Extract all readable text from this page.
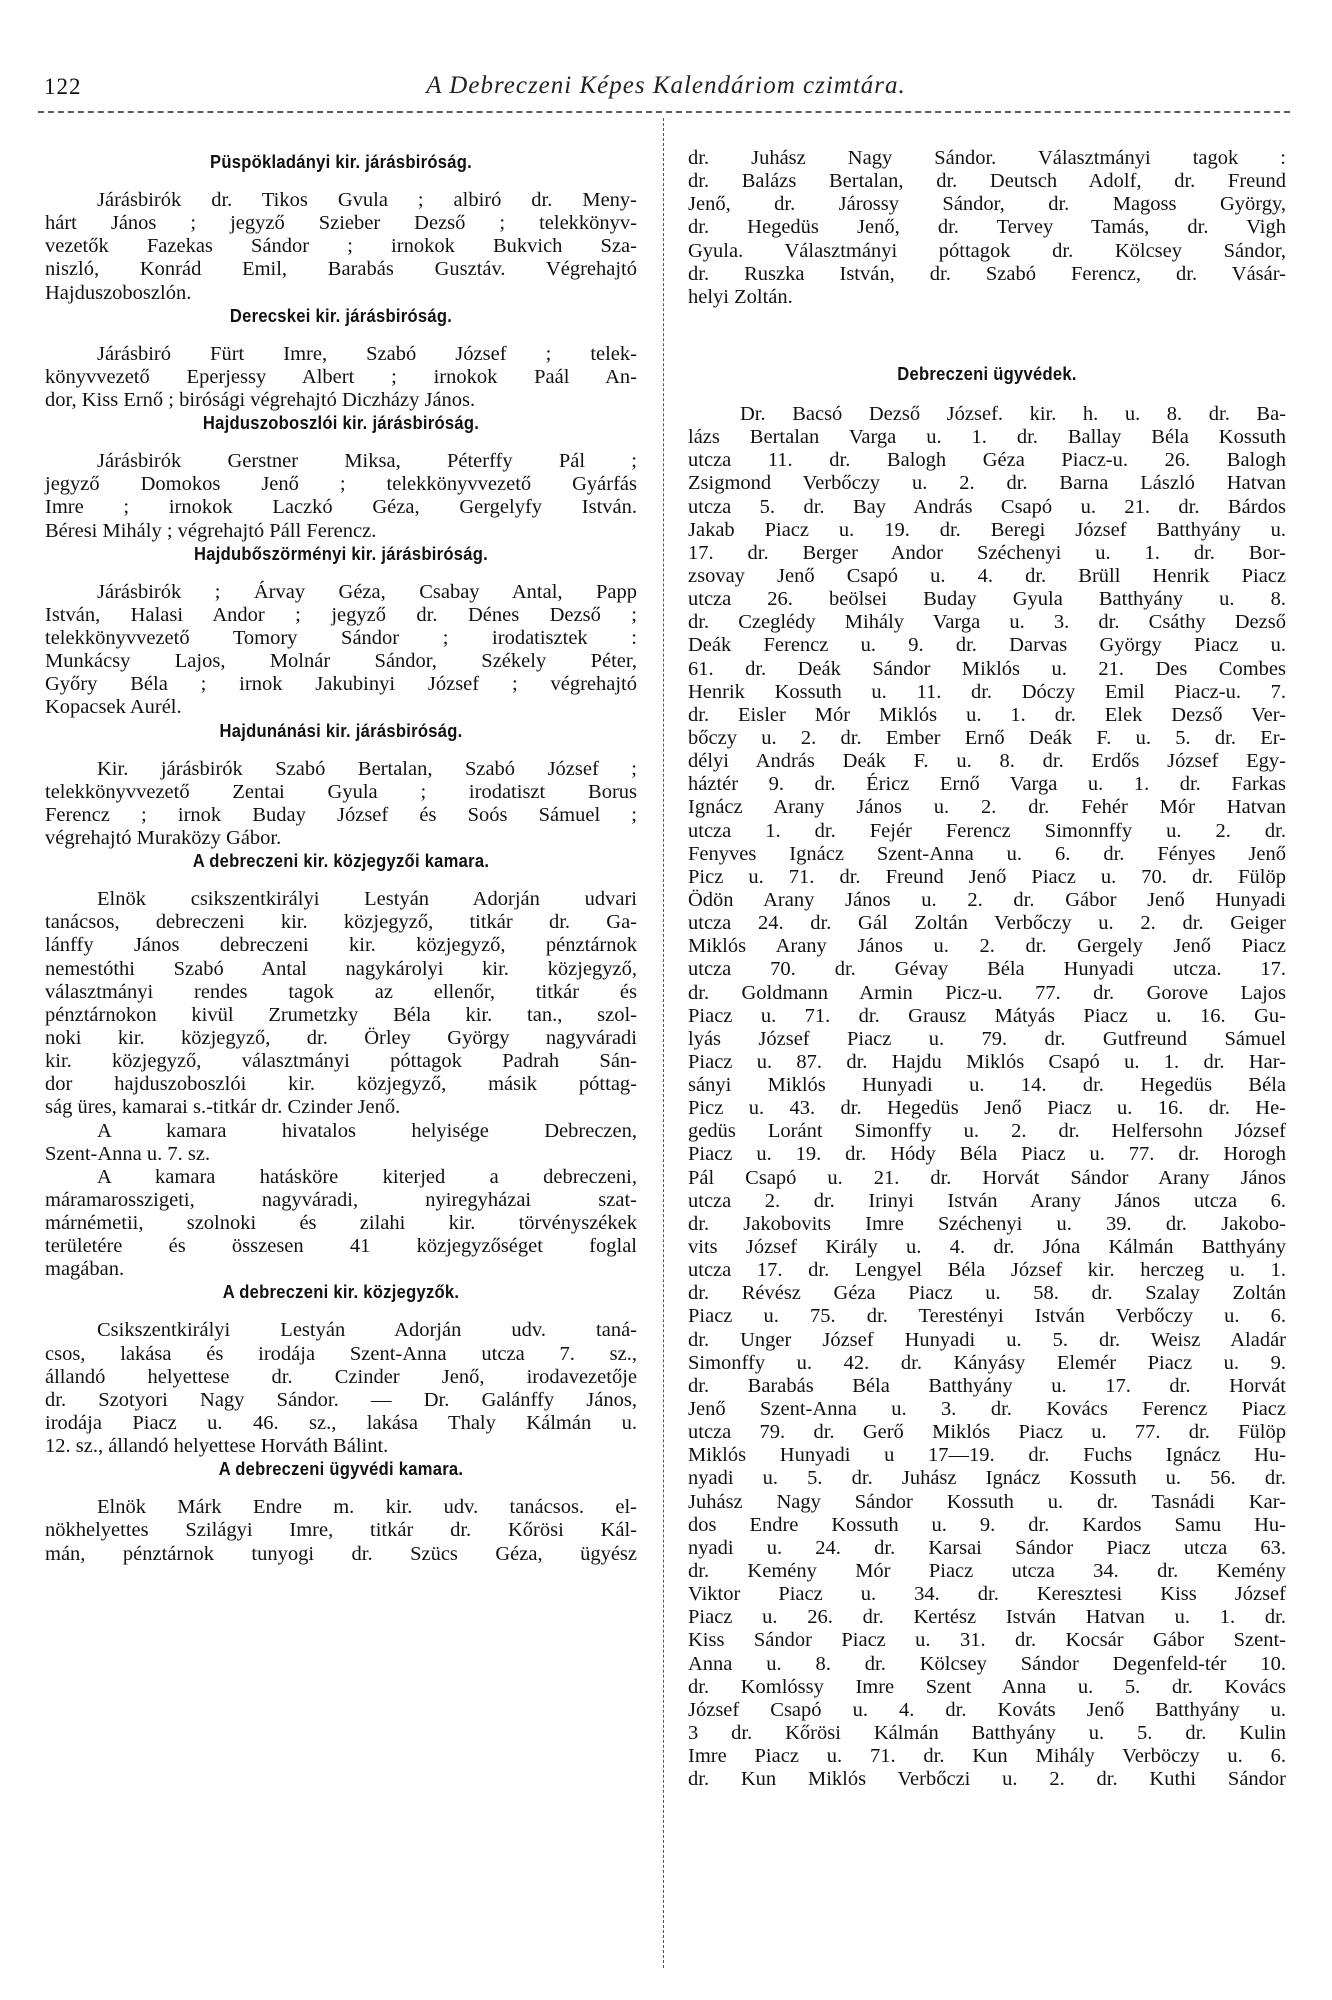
122	A Debreczeni Képes Kalendáriom czimtára.
Püspökladányi kir. járásbiróság.
Járásbirók dr. Tikos Gvula ; albiró dr. Meny-
hárt János ; jegyző Szieber Dezső ; telekkönyv-
vezetők Fazekas Sándor ; irnokok Bukvich Sza-
niszló, Konrád Emil, Barabás Gusztáv. Végrehajtó
Hajduszoboszlón.
Derecskei kir. járásbiróság.
Járásbiró Fürt Imre, Szabó József ; telek-
könyvvezető Eperjessy Albert ; irnokok Paál An-
dor, Kiss Ernő ; birósági végrehajtó Diczházy János.
Hajduszoboszlói kir. járásbiróság.
Járásbirók Gerstner Miksa, Péterffy Pál ;
jegyző Domokos Jenő ; telekkönyvvezető Gyárfás
Imre ; irnokok Laczkó Géza, Gergelyfy István.
Béresi Mihály ; végrehajtó Páll Ferencz.
Hajdubőszörményi kir. járásbiróság.
Járásbirók ; Árvay Géza, Csabay Antal, Papp
István, Halasi Andor ; jegyző dr. Dénes Dezső ;
telekkönyvvezető Tomory Sándor ; irodatisztek :
Munkácsy Lajos, Molnár Sándor, Székely Péter,
Győry Béla ; irnok Jakubinyi József ; végrehajtó
Kopacsek Aurél.
Hajdunánási kir. járásbiróság.
Kir. járásbirók Szabó Bertalan, Szabó József ;
telekkönyvvezető Zentai Gyula ; irodatiszt Borus
Ferencz ; irnok Buday József és Soós Sámuel ;
végrehajtó Muraközy Gábor.
A debreczeni kir. közjegyzői kamara.
Elnök csikszentkirályi Lestyán Adorján udvari
tanácsos, debreczeni kir. közjegyző, titkár dr. Ga-
lánffy János debreczeni kir. közjegyző, pénztárnok
nemestóthi Szabó Antal nagykárolyi kir. közjegyző,
választmányi rendes tagok az ellenőr, titkár és
pénztárnokon kivül Zrumetzky Béla kir. tan., szol-
noki kir. közjegyző, dr. Örley György nagyváradi
kir. közjegyző, választmányi póttagok Padrah Sán-
dor hajduszoboszlói kir. közjegyző, másik póttag-
ság üres, kamarai s.-titkár dr. Czinder Jenő.
A kamara hivatalos helyisége Debreczen,
Szent-Anna u. 7. sz.
A kamara hatásköre kiterjed a debreczeni,
máramarosszigeti, nagyváradi, nyiregyházai szat-
márnémetii, szolnoki és zilahi kir. törvényszékek
területére és összesen 41 közjegyzőséget foglal
magában.
A debreczeni kir. közjegyzők.
Csikszentkirályi Lestyán Adorján udv. taná-
csos, lakása és irodája Szent-Anna utcza 7. sz.,
állandó helyettese dr. Czinder Jenő, irodavezetője
dr. Szotyori Nagy Sándor. — Dr. Galánffy János,
irodája Piacz u. 46. sz., lakása Thaly Kálmán u.
12. sz., állandó helyettese Horváth Bálint.
A debreczeni ügyvédi kamara.
Elnök Márk Endre m. kir. udv. tanácsos. el-
nökhelyettes Szilágyi Imre, titkár dr. Kőrösi Kál-
mán, pénztárnok tunyogi dr. Szücs Géza, ügyész
dr. Juhász Nagy Sándor. Választmányi tagok :
dr. Balázs Bertalan, dr. Deutsch Adolf, dr. Freund
Jenő, dr. Járossy Sándor, dr. Magoss György,
dr. Hegedüs Jenő, dr. Tervey Tamás, dr. Vigh
Gyula. Választmányi póttagok dr. Kölcsey Sándor,
dr. Ruszka István, dr. Szabó Ferencz, dr. Vásár-
helyi Zoltán.
Debreczeni ügyvédek.
Dr. Bacsó Dezső József. kir. h. u. 8. dr. Ba-
lázs Bertalan Varga u. 1. dr. Ballay Béla Kossuth
utcza 11. dr. Balogh Géza Piacz-u. 26. Balogh
Zsigmond Verbőczy u. 2. dr. Barna László Hatvan
utcza 5. dr. Bay András Csapó u. 21. dr. Bárdos
Jakab Piacz u. 19. dr. Beregi József Batthyány u.
17. dr. Berger Andor Széchenyi u. 1. dr. Bor-
zsovay Jenő Csapó u. 4. dr. Brüll Henrik Piacz
utcza 26. beölsei Buday Gyula Batthyány u. 8.
dr. Czeglédy Mihály Varga u. 3. dr. Csáthy Dezső
Deák Ferencz u. 9. dr. Darvas György Piacz u.
61. dr. Deák Sándor Miklós u. 21. Des Combes
Henrik Kossuth u. 11. dr. Dóczy Emil Piacz-u. 7.
dr. Eisler Mór Miklós u. 1. dr. Elek Dezső Ver-
bőczy u. 2. dr. Ember Ernő Deák F. u. 5. dr. Er-
délyi András Deák F. u. 8. dr. Erdős József Egy-
háztér 9. dr. Éricz Ernő Varga u. 1. dr. Farkas
Ignácz Arany János u. 2. dr. Fehér Mór Hatvan
utcza 1. dr. Fejér Ferencz Simonnffy u. 2. dr.
Fenyves Ignácz Szent-Anna u. 6. dr. Fényes Jenő
Picz u. 71. dr. Freund Jenő Piacz u. 70. dr. Fülöp
Ödön Arany János u. 2. dr. Gábor Jenő Hunyadi
utcza 24. dr. Gál Zoltán Verbőczy u. 2. dr. Geiger
Miklós Arany János u. 2. dr. Gergely Jenő Piacz
utcza 70. dr. Gévay Béla Hunyadi utcza. 17.
dr. Goldmann Armin Picz-u. 77. dr. Gorove Lajos
Piacz u. 71. dr. Grausz Mátyás Piacz u. 16. Gu-
lyás József Piacz u. 79. dr. Gutfreund Sámuel
Piacz u. 87. dr. Hajdu Miklós Csapó u. 1. dr. Har-
sányi Miklós Hunyadi u. 14. dr. Hegedüs Béla
Picz u. 43. dr. Hegedüs Jenő Piacz u. 16. dr. He-
gedüs Loránt Simonffy u. 2. dr. Helfersohn József
Piacz u. 19. dr. Hódy Béla Piacz u. 77. dr. Horogh
Pál Csapó u. 21. dr. Horvát Sándor Arany János
utcza 2. dr. Irinyi István Arany János utcza 6.
dr. Jakobovits Imre Széchenyi u. 39. dr. Jakobo-
vits József Király u. 4. dr. Jóna Kálmán Batthyány
utcza 17. dr. Lengyel Béla József kir. herczeg u. 1.
dr. Révész Géza Piacz u. 58. dr. Szalay Zoltán
Piacz u. 75. dr. Terestényi István Verbőczy u. 6.
dr. Unger József Hunyadi u. 5. dr. Weisz Aladár
Simonffy u. 42. dr. Kányásy Elemér Piacz u. 9.
dr. Barabás Béla Batthyány u. 17. dr. Horvát
Jenő Szent-Anna u. 3. dr. Kovács Ferencz Piacz
utcza 79. dr. Gerő Miklós Piacz u. 77. dr. Fülöp
Miklós Hunyadi u 17—19. dr. Fuchs Ignácz Hu-
nyadi u. 5. dr. Juhász Ignácz Kossuth u. 56. dr.
Juhász Nagy Sándor Kossuth u. dr. Tasnádi Kar-
dos Endre Kossuth u. 9. dr. Kardos Samu Hu-
nyadi u. 24. dr. Karsai Sándor Piacz utcza 63.
dr. Kemény Mór Piacz utcza 34. dr. Kemény
Viktor Piacz u. 34. dr. Keresztesi Kiss József
Piacz u. 26. dr. Kertész István Hatvan u. 1. dr.
Kiss Sándor Piacz u. 31. dr. Kocsár Gábor Szent-
Anna u. 8. dr. Kölcsey Sándor Degenfeld-tér 10.
dr. Komlóssy Imre Szent Anna u. 5. dr. Kovács
József Csapó u. 4. dr. Kováts Jenő Batthyány u.
3 dr. Kőrösi Kálmán Batthyány u. 5. dr. Kulin
Imre Piacz u. 71. dr. Kun Mihály Verböczy u. 6.
dr. Kun Miklós Verbőczi u. 2. dr. Kuthi Sándor
